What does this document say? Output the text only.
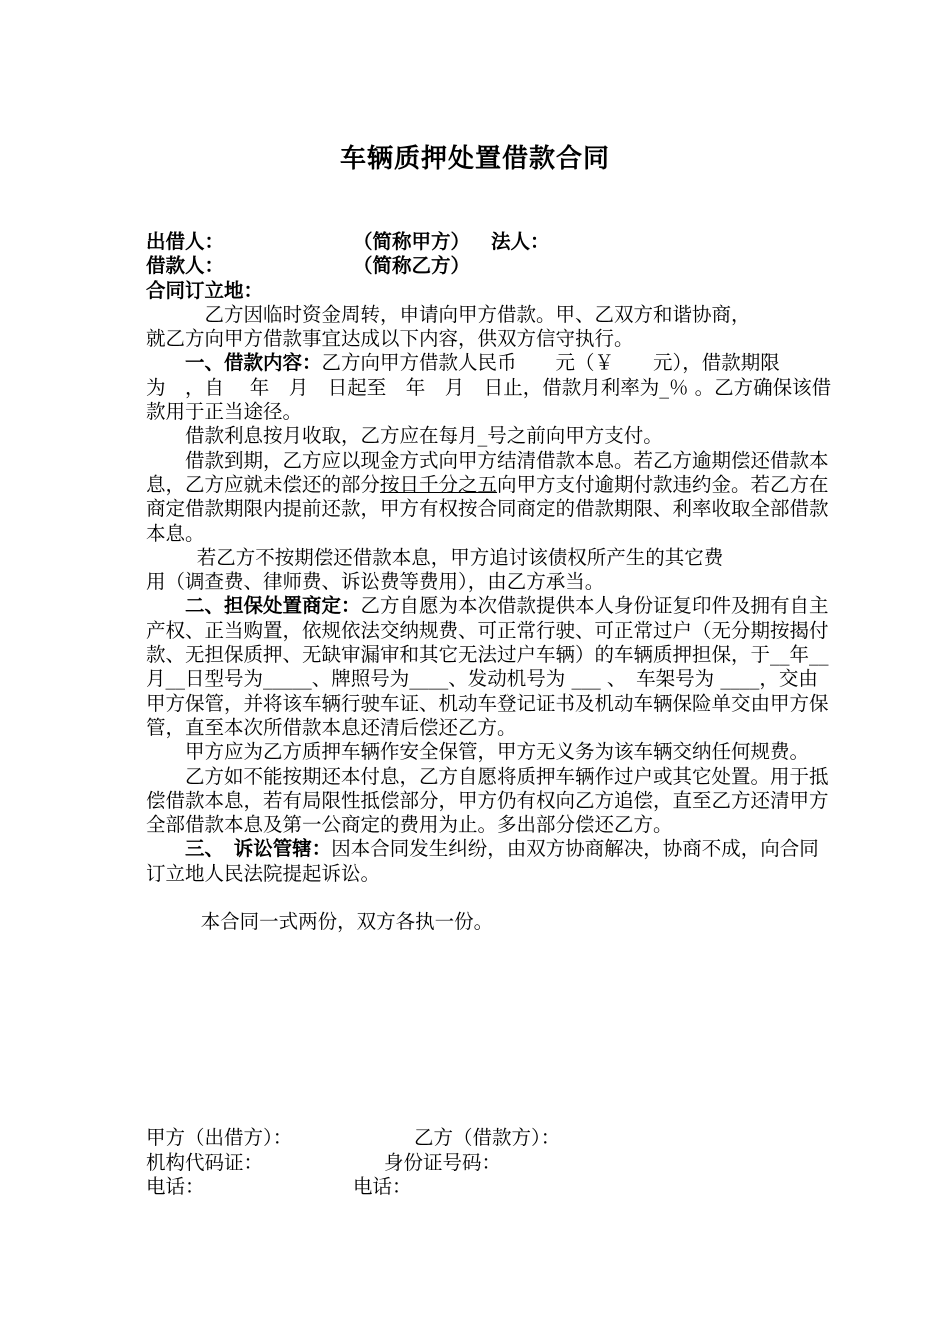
车辆质押处置借款合同
出借人：	（简称甲方）	法人：
借款人：	（简称乙方）

合同订立地：

乙方因临时资金周转，申请向甲方借款。甲、乙双方和谐协商，

就乙方向甲方借款事宜达成以下内容，供双方信守执行。

一、借款内容：乙方向甲方借款人民币　　元（￥　　元），借款期限为　，自　 年　月　日起至　年　月　日止，借款月利率为_％ 。乙方确保该借款用于正当途径。

借款利息按月收取，乙方应在每月_号之前向甲方支付。

借款到期，乙方应以现金方式向甲方结清借款本息。若乙方逾期偿还借款本息，乙方应就未偿还的部分按日千分之五向甲方支付逾期付款违约金。若乙方在商定借款期限内提前还款，甲方有权按合同商定的借款期限、利率收取全部借款本息。

若乙方不按期偿还借款本息，甲方追讨该债权所产生的其它费

用（调查费、律师费、诉讼费等费用），由乙方承当。

二、担保处置商定：乙方自愿为本次借款提供本人身份证复印件及拥有自主产权、正当购置，依规依法交纳规费、可正常行驶、可正常过户（无分期按揭付款、无担保质押、无缺审漏审和其它无法过户车辆）的车辆质押担保，于__年__月__日型号为_____、牌照号为____、发动机号为 ___ 、　车架号为 ____，交由甲方保管，并将该车辆行驶车证、机动车登记证书及机动车辆保险单交由甲方保管，直至本次所借款本息还清后偿还乙方。

甲方应为乙方质押车辆作安全保管，甲方无义务为该车辆交纳任何规费。

乙方如不能按期还本付息，乙方自愿将质押车辆作过户或其它处置。用于抵偿借款本息，若有局限性抵偿部分，甲方仍有权向乙方追偿，直至乙方还清甲方全部借款本息及第一公商定的费用为止。多出部分偿还乙方。

三、　诉讼管辖：因本合同发生纠纷，由双方协商解决，协商不成，向合同订立地人民法院提起诉讼。

本合同一式两份，双方各执一份。

甲方（出借方）：	乙方（借款方）：
机构代码证：	身份证号码：
电话：	电话：
